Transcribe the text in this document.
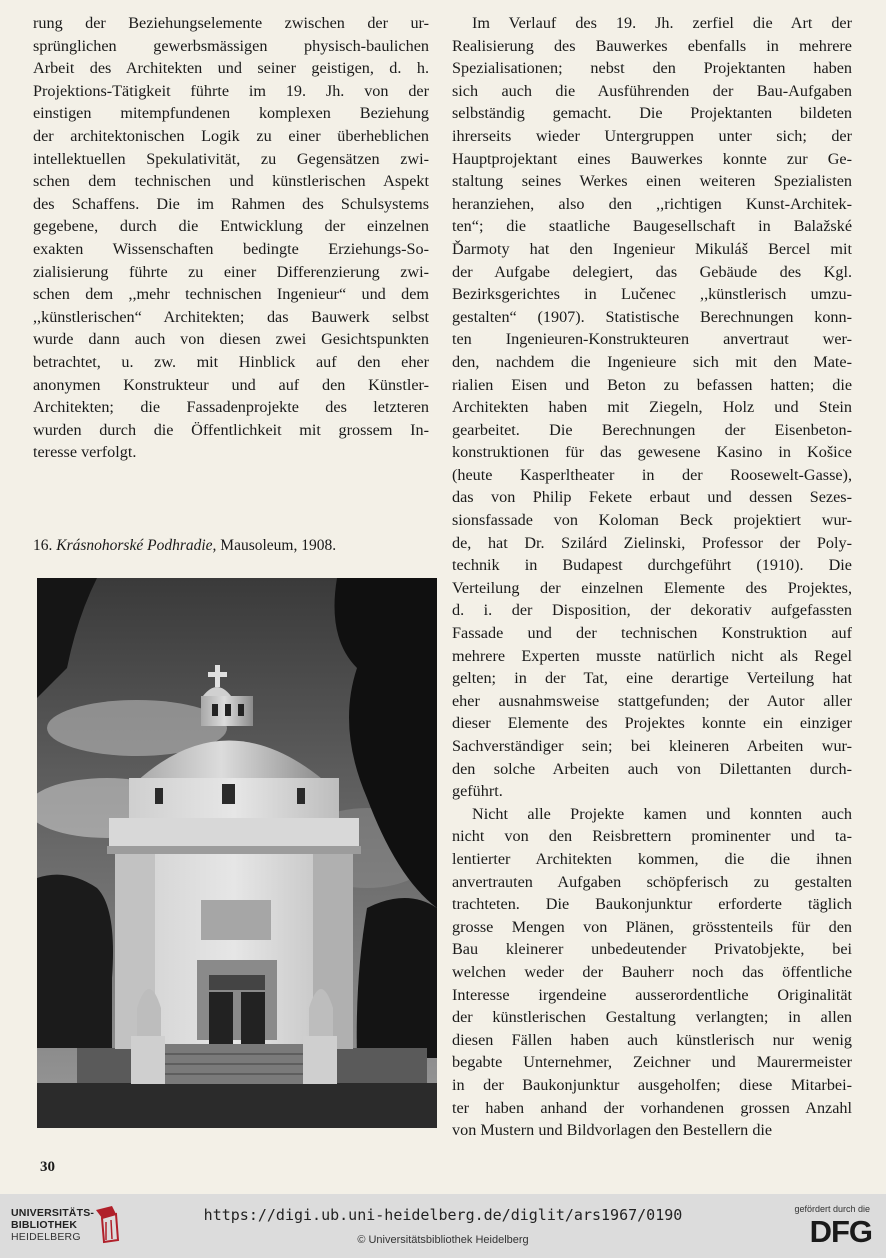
rung der Beziehungselemente zwischen der ur-

sprünglichen gewerbsmässigen physisch-baulichen

Arbeit des Architekten und seiner geistigen, d. h.

Projektions-Tätigkeit führte im 19. Jh. von der

einstigen mitempfundenen komplexen Beziehung

der architektonischen Logik zu einer überheblichen

intellektuellen Spekulativität, zu Gegensätzen zwi-

schen dem technischen und künstlerischen Aspekt

des Schaffens. Die im Rahmen des Schulsystems

gegebene, durch die Entwicklung der einzelnen

exakten Wissenschaften bedingte Erziehungs-So-

zialisierung führte zu einer Differenzierung zwi-

schen dem ,,mehr technischen Ingenieur“ und dem

,,künstlerischen“ Architekten; das Bauwerk selbst

wurde dann auch von diesen zwei Gesichtspunkten

betrachtet, u. zw. mit Hinblick auf den eher

anonymen Konstrukteur und auf den Künstler-

Architekten; die Fassadenprojekte des letzteren

wurden durch die Öffentlichkeit mit grossem In-

teresse verfolgt.

Im Verlauf des 19. Jh. zerfiel die Art der

Realisierung des Bauwerkes ebenfalls in mehrere

Spezialisationen; nebst den Projektanten haben

sich auch die Ausführenden der Bau-Aufgaben

selbständig gemacht. Die Projektanten bildeten

ihrerseits wieder Untergruppen unter sich; der

Hauptprojektant eines Bauwerkes konnte zur Ge-

staltung seines Werkes einen weiteren Spezialisten

heranziehen, also den ,,richtigen Kunst-Architek-

ten“; die staatliche Baugesellschaft in Balažské

Ďarmoty hat den Ingenieur Mikuláš Bercel mit

der Aufgabe delegiert, das Gebäude des Kgl.

Bezirksgerichtes in Lučenec ,,künstlerisch umzu-

gestalten“ (1907). Statistische Berechnungen konn-

ten Ingenieuren-Konstrukteuren anvertraut wer-

den, nachdem die Ingenieure sich mit den Mate-

rialien Eisen und Beton zu befassen hatten; die

Architekten haben mit Ziegeln, Holz und Stein

gearbeitet. Die Berechnungen der Eisenbeton-

konstruktionen für das gewesene Kasino in Košice

(heute Kasperltheater in der Roosewelt-Gasse),

das von Philip Fekete erbaut und dessen Sezes-

sionsfassade von Koloman Beck projektiert wur-

de, hat Dr. Szilárd Zielinski, Professor der Poly-

technik in Budapest durchgeführt (1910). Die

Verteilung der einzelnen Elemente des Projektes,

d. i. der Disposition, der dekorativ aufgefassten

Fassade und der technischen Konstruktion auf

mehrere Experten musste natürlich nicht als Regel

gelten; in der Tat, eine derartige Verteilung hat

eher ausnahmsweise stattgefunden; der Autor aller

dieser Elemente des Projektes konnte ein einziger

Sachverständiger sein; bei kleineren Arbeiten wur-

den solche Arbeiten auch von Dilettanten durch-

geführt.

Nicht alle Projekte kamen und konnten auch

nicht von den Reisbrettern prominenter und ta-

lentierter Architekten kommen, die die ihnen

anvertrauten Aufgaben schöpferisch zu gestalten

trachteten. Die Baukonjunktur erforderte täglich

grosse Mengen von Plänen, grösstenteils für den

Bau kleinerer unbedeutender Privatobjekte, bei

welchen weder der Bauherr noch das öffentliche

Interesse irgendeine ausserordentliche Originalität

der künstlerischen Gestaltung verlangten; in allen

diesen Fällen haben auch künstlerisch nur wenig

begabte Unternehmer, Zeichner und Maurermeister

in der Baukonjunktur ausgeholfen; diese Mitarbei-

ter haben anhand der vorhandenen grossen Anzahl

von Mustern und Bildvorlagen den Bestellern die

16. Krásnohorské Podhradie, Mausoleum, 1908.
30
UNIVERSITÄTS-
BIBLIOTHEK
HEIDELBERG
https://digi.ub.uni-heidelberg.de/diglit/ars1967/0190
© Universitätsbibliothek Heidelberg
gefördert durch die
DFG
